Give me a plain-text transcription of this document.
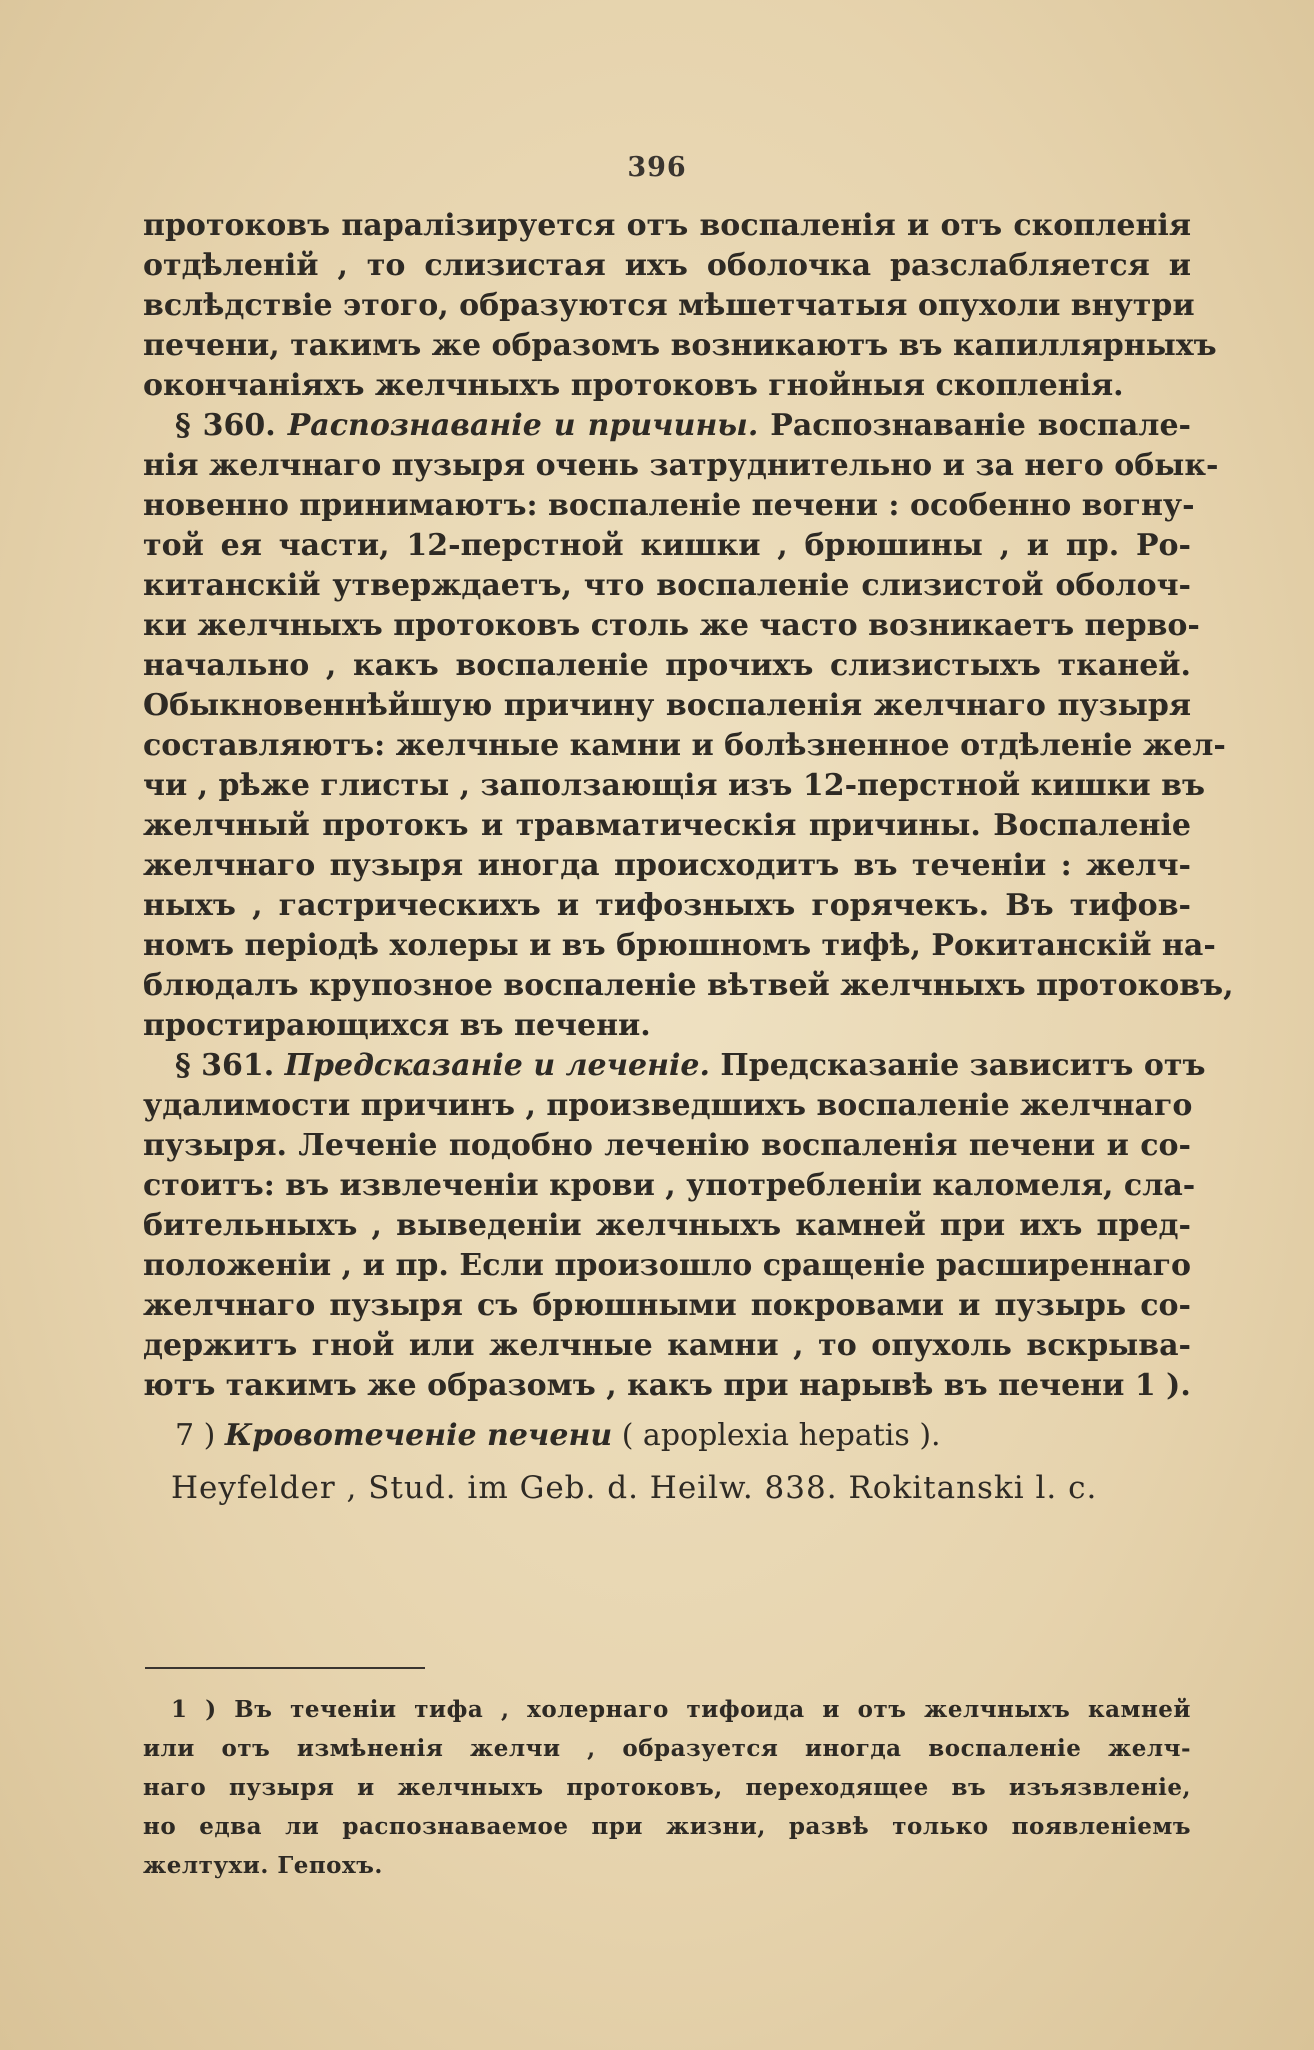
396
протоковъ паралізируется отъ воспаленія и отъ скопленія
отдѣленій , то слизистая ихъ оболочка разслабляется и
вслѣдствіе этого, образуются мѣшетчатыя опухоли внутри
печени, такимъ же образомъ возникаютъ въ капиллярныхъ
окончаніяхъ желчныхъ протоковъ гнойныя скопленія.
§ 360. Распознаваніе и причины. Распознаваніе воспале-
нія желчнаго пузыря очень затруднительно и за него обык-
новенно принимаютъ: воспаленіе печени : особенно вогну-
той ея части, 12-перстной кишки , брюшины , и пр. Ро-
китанскій утверждаетъ, что воспаленіе слизистой оболоч-
ки желчныхъ протоковъ столь же часто возникаетъ перво-
начально , какъ воспаленіе прочихъ слизистыхъ тканей.
Обыкновеннѣйшую причину воспаленія желчнаго пузыря
составляютъ: желчные камни и болѣзненное отдѣленіе жел-
чи , рѣже глисты , заползающія изъ 12-перстной кишки въ
желчный протокъ и травматическія причины. Воспаленіе
желчнаго пузыря иногда происходитъ въ теченіи : желч-
ныхъ , гастрическихъ и тифозныхъ горячекъ. Въ тифов-
номъ періодѣ холеры и въ брюшномъ тифѣ, Рокитанскій на-
блюдалъ крупозное воспаленіе вѣтвей желчныхъ протоковъ,
простирающихся въ печени.
§ 361. Предсказаніе и леченіе. Предсказаніе зависитъ отъ
удалимости причинъ , произведшихъ воспаленіе желчнаго
пузыря. Леченіе подобно леченію воспаленія печени и со-
стоитъ: въ извлеченіи крови , употребленіи каломеля, сла-
бительныхъ , выведеніи желчныхъ камней при ихъ пред-
положеніи , и пр. Если произошло сращеніе расширеннаго
желчнаго пузыря съ брюшными покровами и пузырь со-
держитъ гной или желчные камни , то опухоль вскрыва-
ютъ такимъ же образомъ , какъ при нарывѣ въ печени 1 ).
7 ) Кровотеченіе печени ( apoplexia hepatis ).
Heyfelder , Stud. im Geb. d. Heilw. 838. Rokitanski l. c.
1 ) Въ теченіи тифа , холернаго тифоида и отъ желчныхъ камней
или отъ измѣненія желчи , образуется иногда воспаленіе желч-
наго пузыря и желчныхъ протоковъ, переходящее въ изъязвленіе,
но едва ли распознаваемое при жизни, развѣ только появленіемъ
желтухи. Гепохъ.
